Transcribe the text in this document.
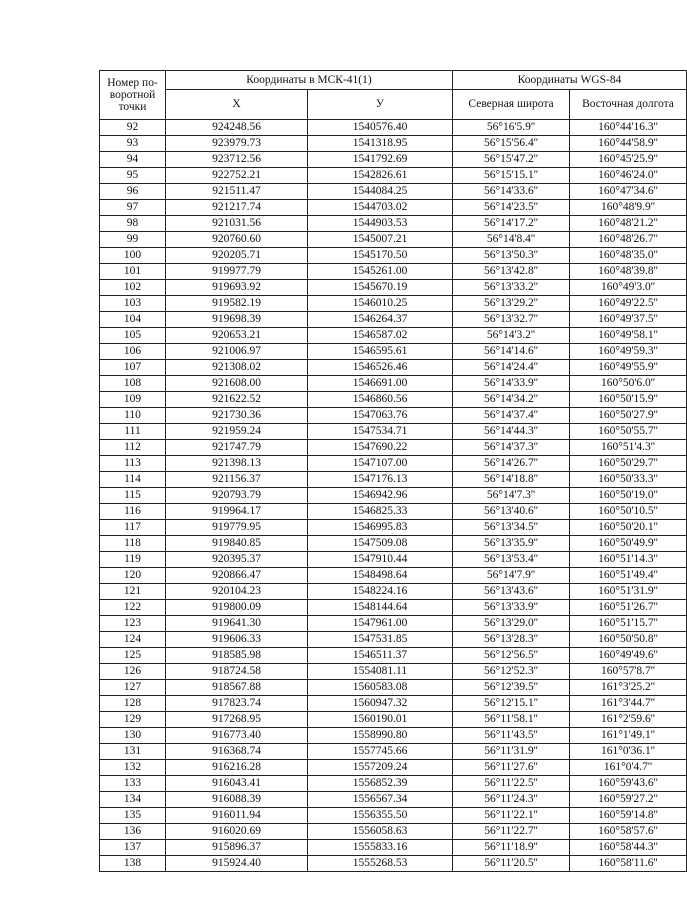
Номер по- воротной точки	Координаты в МСК-41(1)		Координаты WGS-84	
	X	У	Северная широта	Восточная долгота
92	924248.56	1540576.40	56°16'5.9''	160°44'16.3''
93	923979.73	1541318.95	56°15'56.4''	160°44'58.9''
94	923712.56	1541792.69	56°15'47.2''	160°45'25.9''
95	922752.21	1542826.61	56°15'15.1''	160°46'24.0''
96	921511.47	1544084.25	56°14'33.6''	160°47'34.6''
97	921217.74	1544703.02	56°14'23.5''	160°48'9.9''
98	921031.56	1544903.53	56°14'17.2''	160°48'21.2''
99	920760.60	1545007.21	56°14'8.4''	160°48'26.7''
100	920205.71	1545170.50	56°13'50.3''	160°48'35.0''
101	919977.79	1545261.00	56°13'42.8''	160°48'39.8''
102	919693.92	1545670.19	56°13'33.2''	160°49'3.0''
103	919582.19	1546010.25	56°13'29.2''	160°49'22.5''
104	919698.39	1546264.37	56°13'32.7''	160°49'37.5''
105	920653.21	1546587.02	56°14'3.2''	160°49'58.1''
106	921006.97	1546595.61	56°14'14.6''	160°49'59.3''
107	921308.02	1546526.46	56°14'24.4''	160°49'55.9''
108	921608.00	1546691.00	56°14'33.9''	160°50'6.0''
109	921622.52	1546860.56	56°14'34.2''	160°50'15.9''
110	921730.36	1547063.76	56°14'37.4''	160°50'27.9''
111	921959.24	1547534.71	56°14'44.3''	160°50'55.7''
112	921747.79	1547690.22	56°14'37.3''	160°51'4.3''
113	921398.13	1547107.00	56°14'26.7''	160°50'29.7''
114	921156.37	1547176.13	56°14'18.8''	160°50'33.3''
115	920793.79	1546942.96	56°14'7.3''	160°50'19.0''
116	919964.17	1546825.33	56°13'40.6''	160°50'10.5''
117	919779.95	1546995.83	56°13'34.5''	160°50'20.1''
118	919840.85	1547509.08	56°13'35.9''	160°50'49.9''
119	920395.37	1547910.44	56°13'53.4''	160°51'14.3''
120	920866.47	1548498.64	56°14'7.9''	160°51'49.4''
121	920104.23	1548224.16	56°13'43.6''	160°51'31.9''
122	919800.09	1548144.64	56°13'33.9''	160°51'26.7''
123	919641.30	1547961.00	56°13'29.0''	160°51'15.7''
124	919606.33	1547531.85	56°13'28.3''	160°50'50.8''
125	918585.98	1546511.37	56°12'56.5''	160°49'49.6''
126	918724.58	1554081.11	56°12'52.3''	160°57'8.7''
127	918567.88	1560583.08	56°12'39.5''	161°3'25.2''
128	917823.74	1560947.32	56°12'15.1''	161°3'44.7''
129	917268.95	1560190.01	56°11'58.1''	161°2'59.6''
130	916773.40	1558990.80	56°11'43.5''	161°1'49.1''
131	916368.74	1557745.66	56°11'31.9''	161°0'36.1''
132	916216.28	1557209.24	56°11'27.6''	161°0'4.7''
133	916043.41	1556852.39	56°11'22.5''	160°59'43.6''
134	916088.39	1556567.34	56°11'24.3''	160°59'27.2''
135	916011.94	1556355.50	56°11'22.1''	160°59'14.8''
136	916020.69	1556058.63	56°11'22.7''	160°58'57.6''
137	915896.37	1555833.16	56°11'18.9''	160°58'44.3''
138	915924.40	1555268.53	56°11'20.5''	160°58'11.6''
